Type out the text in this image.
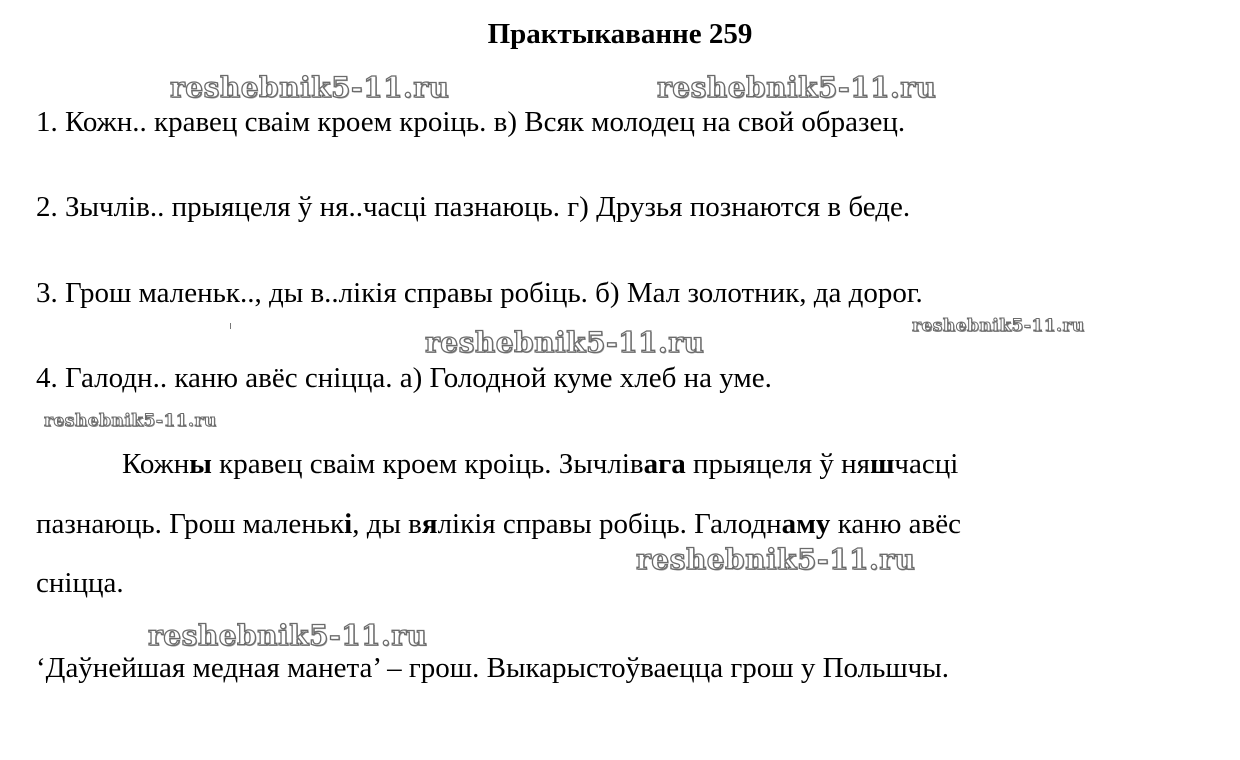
Практыкаванне 259

1. Кожн.. кравец сваім кроем кроіць. в) Всяк молодец на свой образец.

2. Зычлів.. прыяцеля ў ня..часці пазнаюць. г) Друзья познаются в беде.

3. Грош маленьк.., ды в..лікія справы робіць. б) Мал золотник, да дорог.

4. Галодн.. каню авёс сніцца. а) Голодной куме хлеб на уме.

Кожны кравец сваім кроем кроіць. Зычлівага прыяцеля ў няшчасці

пазнаюць. Грош маленькі, ды вялікія справы робіць. Галоднаму каню авёс

сніцца.

‘Даўнейшая медная манета’ – грош. Выкарыстоўваецца грош у Польшчы.

reshebnik5-11.ru	reshebnik5-11.ru
reshebnik5-11.ru
reshebnik5-11.ru
reshebnik5-11.ru
reshebnik5-11.ru
reshebnik5-11.ru
